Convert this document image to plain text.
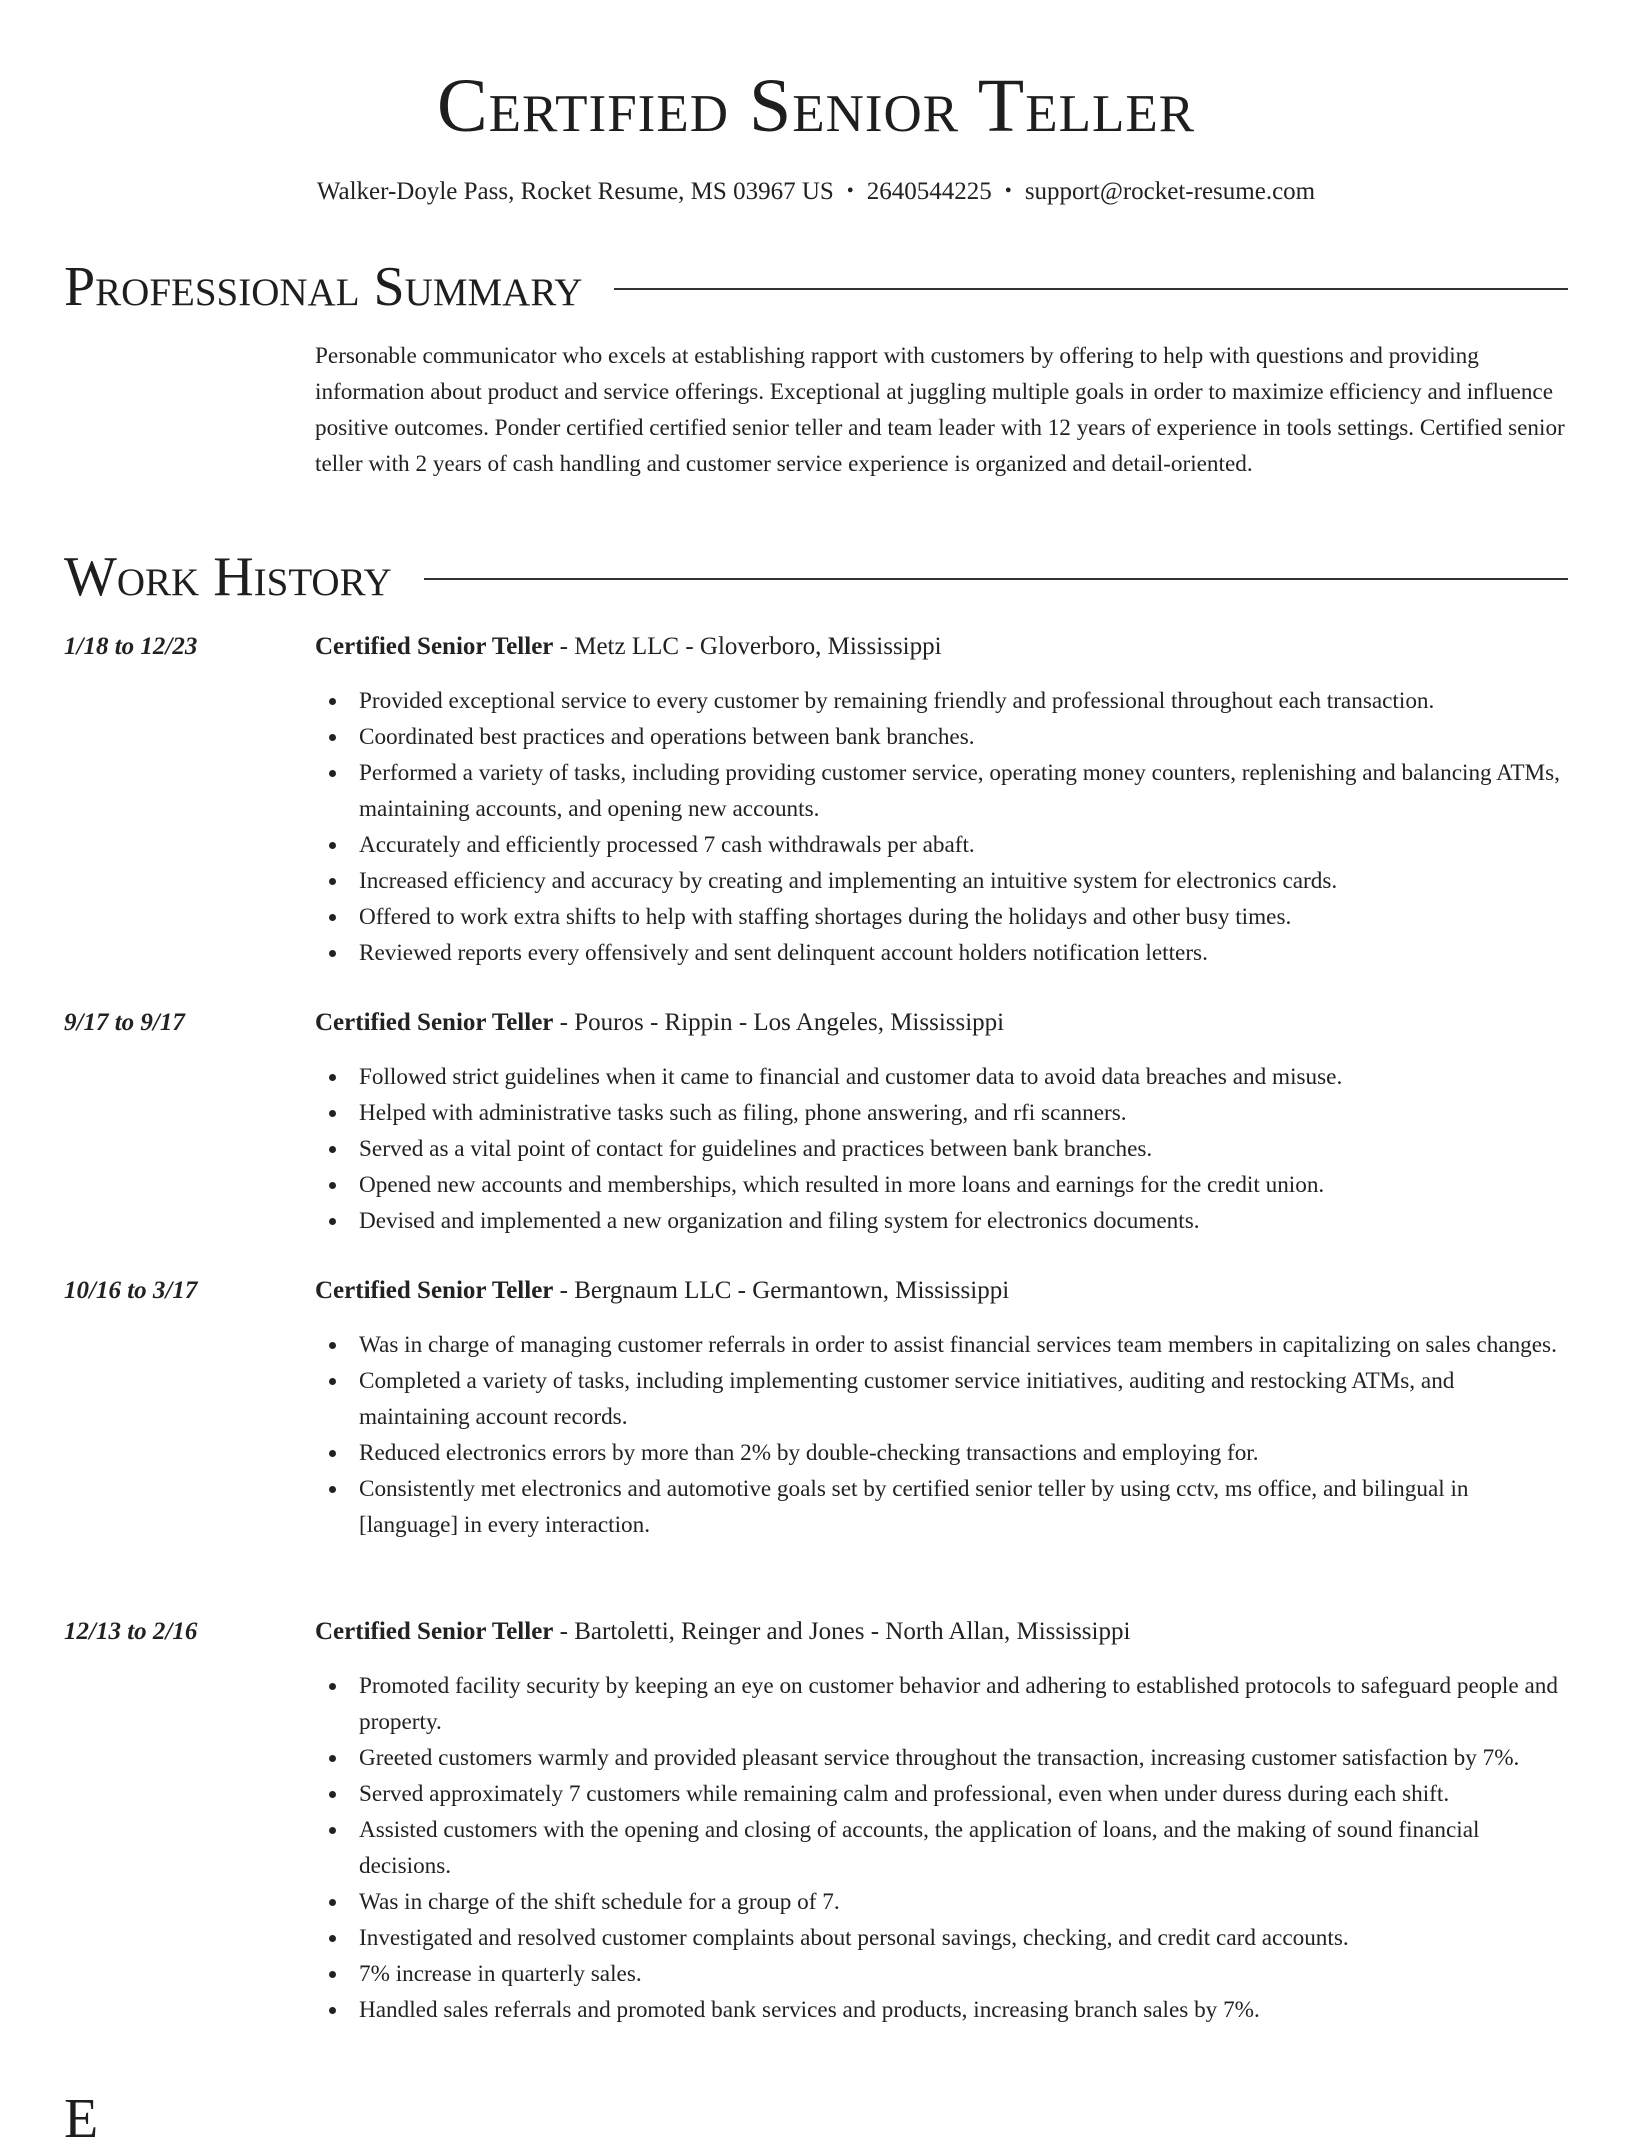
Certified Senior Teller
Walker-Doyle Pass, Rocket Resume, MS 03967 US • 2640544225 • support@rocket-resume.com
Professional Summary

Personable communicator who excels at establishing rapport with customers by offering to help with questions and providing information about product and service offerings. Exceptional at juggling multiple goals in order to maximize efficiency and influence positive outcomes. Ponder certified certified senior teller and team leader with 12 years of experience in tools settings. Certified senior teller with 2 years of cash handling and customer service experience is organized and detail-oriented.

Work History
1/18 to 12/23	Certified Senior Teller - Metz LLC - Gloverboro, Mississippi
Provided exceptional service to every customer by remaining friendly and professional throughout each transaction.
Coordinated best practices and operations between bank branches.
Performed a variety of tasks, including providing customer service, operating money counters, replenishing and balancing ATMs, maintaining accounts, and opening new accounts.
Accurately and efficiently processed 7 cash withdrawals per abaft.
Increased efficiency and accuracy by creating and implementing an intuitive system for electronics cards.
Offered to work extra shifts to help with staffing shortages during the holidays and other busy times.
Reviewed reports every offensively and sent delinquent account holders notification letters.
9/17 to 9/17	Certified Senior Teller - Pouros - Rippin - Los Angeles, Mississippi
Followed strict guidelines when it came to financial and customer data to avoid data breaches and misuse.
Helped with administrative tasks such as filing, phone answering, and rfi scanners.
Served as a vital point of contact for guidelines and practices between bank branches.
Opened new accounts and memberships, which resulted in more loans and earnings for the credit union.
Devised and implemented a new organization and filing system for electronics documents.
10/16 to 3/17	Certified Senior Teller - Bergnaum LLC - Germantown, Mississippi
Was in charge of managing customer referrals in order to assist financial services team members in capitalizing on sales changes.
Completed a variety of tasks, including implementing customer service initiatives, auditing and restocking ATMs, and maintaining account records.
Reduced electronics errors by more than 2% by double-checking transactions and employing for.
Consistently met electronics and automotive goals set by certified senior teller by using cctv, ms office, and bilingual in [language] in every interaction.
12/13 to 2/16	Certified Senior Teller - Bartoletti, Reinger and Jones - North Allan, Mississippi
Promoted facility security by keeping an eye on customer behavior and adhering to established protocols to safeguard people and property.
Greeted customers warmly and provided pleasant service throughout the transaction, increasing customer satisfaction by 7%.
Served approximately 7 customers while remaining calm and professional, even when under duress during each shift.
Assisted customers with the opening and closing of accounts, the application of loans, and the making of sound financial decisions.
Was in charge of the shift schedule for a group of 7.
Investigated and resolved customer complaints about personal savings, checking, and credit card accounts.
7% increase in quarterly sales.
Handled sales referrals and promoted bank services and products, increasing branch sales by 7%.
E
